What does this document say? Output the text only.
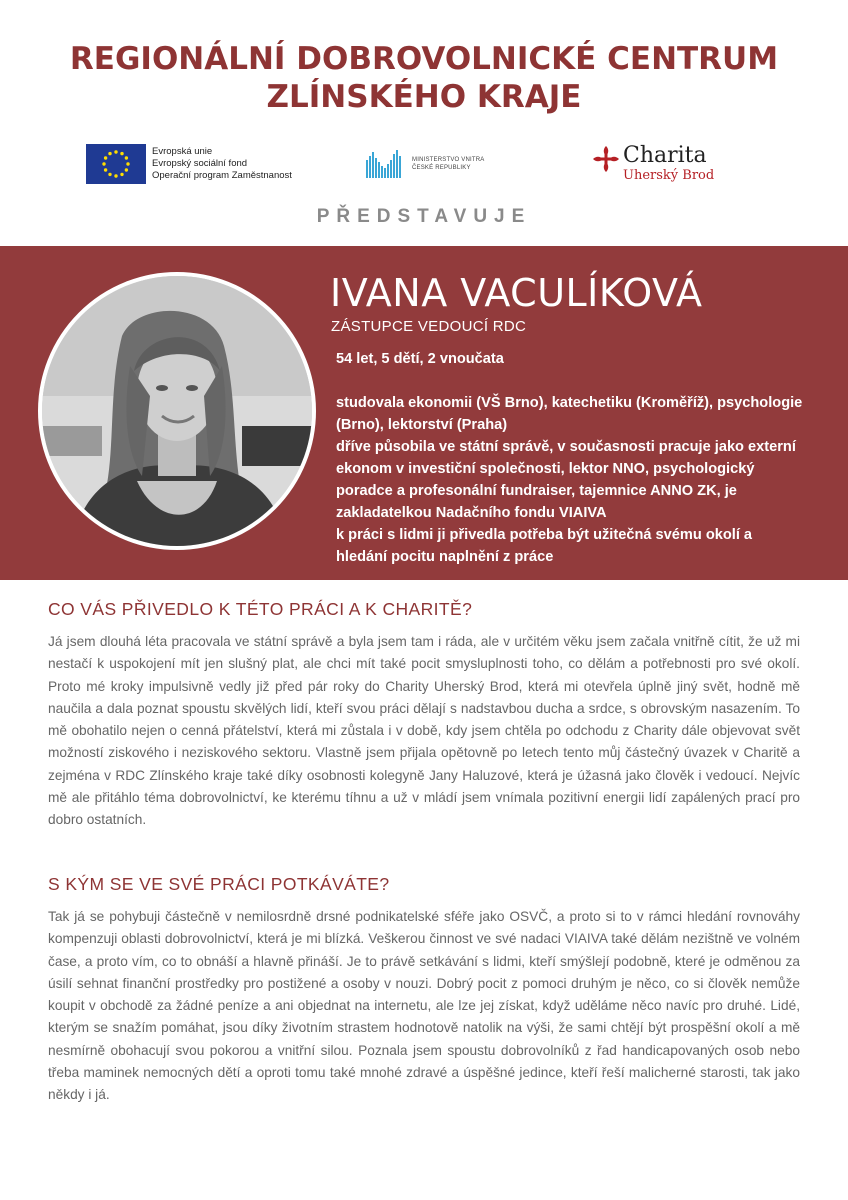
REGIONÁLNÍ DOBROVOLNICKÉ CENTRUM
ZLÍNSKÉHO KRAJE
Evropská unie
Evropský sociální fond
Operační program Zaměstnanost
MINISTERSTVO VNITRA
ČESKÉ REPUBLIKY	Charita
Uherský Brod
PŘEDSTAVUJE
IVANA VACULÍKOVÁ
ZÁSTUPCE VEDOUCÍ RDC
54 let, 5 dětí, 2 vnoučata
studovala ekonomii (VŠ Brno), katechetiku (Kroměříž), psychologie
(Brno), lektorství (Praha)
dříve působila ve státní správě, v současnosti pracuje jako externí
ekonom v investiční společnosti, lektor NNO, psychologický
poradce a profesonální fundraiser, tajemnice ANNO ZK, je
zakladatelkou Nadačního fondu VIAIVA
k práci s lidmi ji přivedla potřeba být užitečná svému okolí a
hledání pocitu naplnění z práce
CO VÁS PŘIVEDLO K TÉTO PRÁCI A K CHARITĚ?

Já jsem dlouhá léta pracovala ve státní správě a byla jsem tam i ráda, ale v určitém věku jsem začala vnitřně cítit, že už mi nestačí k uspokojení mít jen slušný plat, ale chci mít také pocit smysluplnosti toho, co dělám a potřebnosti pro své okolí. Proto mé kroky impulsivně vedly již před pár roky do Charity Uherský Brod, která mi otevřela úplně jiný svět, hodně mě naučila a dala poznat spoustu skvělých lidí, kteří svou práci dělají s nadstavbou ducha a srdce, s obrovským nasazením. To mě obohatilo nejen o cenná přátelství, která mi zůstala i v době, kdy jsem chtěla po odchodu z Charity dále objevovat svět možností ziskového i neziskového sektoru. Vlastně jsem přijala opětovně po letech tento můj částečný úvazek v Charitě a zejména v RDC Zlínského kraje také díky osobnosti kolegyně Jany Haluzové, která je úžasná jako člověk i vedoucí. Nejvíc mě ale přitáhlo téma dobrovolnictví, ke kterému tíhnu a už v mládí jsem vnímala pozitivní energii lidí zapálených prací pro dobro ostatních.

S KÝM SE VE SVÉ PRÁCI POTKÁVÁTE?

Tak já se pohybuji částečně v nemilosrdně drsné podnikatelské sféře jako OSVČ, a proto si to v rámci hledání rovnováhy kompenzuji oblasti dobrovolnictví, která je mi blízká. Veškerou činnost ve své nadaci VIAIVA také dělám nezištně ve volném čase, a proto vím, co to obnáší a hlavně přináší. Je to právě setkávání s lidmi, kteří smýšlejí podobně, které je odměnou za úsilí sehnat finanční prostředky pro postižené a osoby v nouzi. Dobrý pocit z pomoci druhým je něco, co si člověk nemůže koupit v obchodě za žádné peníze a ani objednat na internetu, ale lze jej získat, když uděláme něco navíc pro druhé. Lidé, kterým se snažím pomáhat, jsou díky životním strastem hodnotově natolik na výši, že sami chtějí být prospěšní okolí a mě nesmírně obohacují svou pokorou a vnitřní silou. Poznala jsem spoustu dobrovolníků z řad handicapovaných osob nebo třeba maminek nemocných dětí a oproti tomu také mnohé zdravé a úspěšné jedince, kteří řeší malicherné starosti, tak jako někdy i já.
